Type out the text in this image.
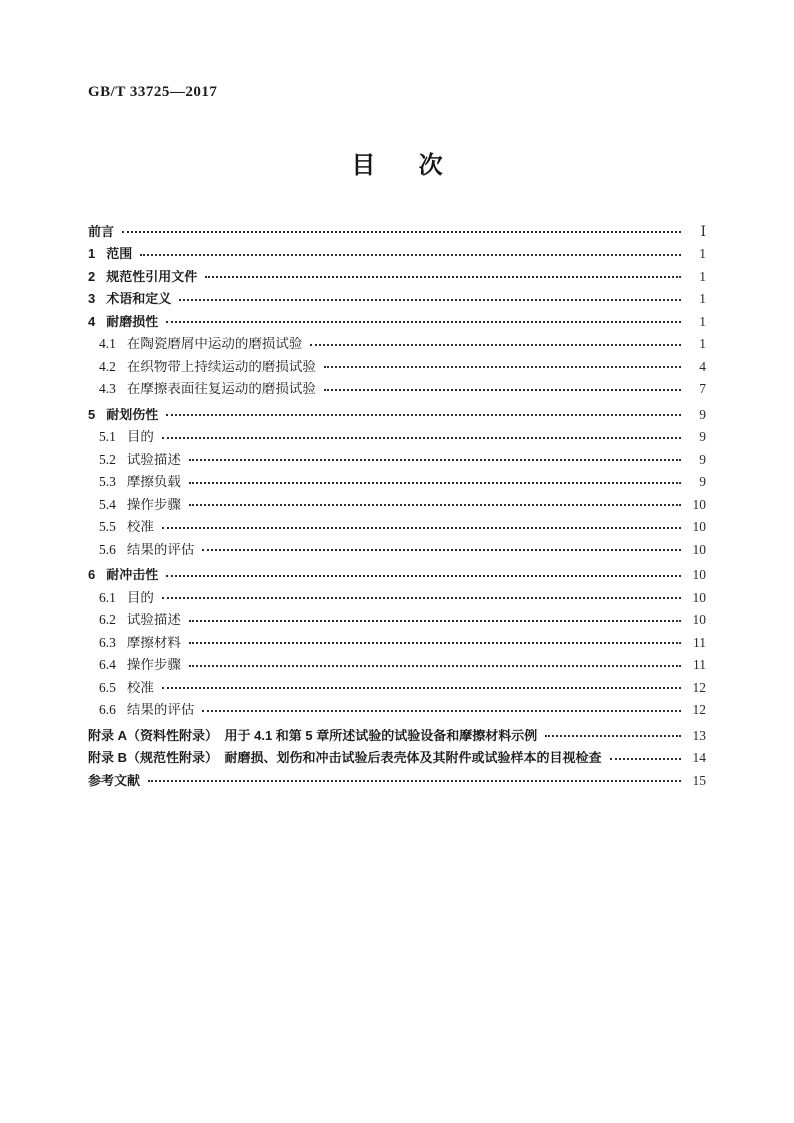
GB/T 33725—2017
目次
前言	Ⅰ
1 范围	1
2 规范性引用文件	1
3 术语和定义	1
4 耐磨损性	1
4.1 在陶瓷磨屑中运动的磨损试验	1
4.2 在织物带上持续运动的磨损试验	4
4.3 在摩擦表面往复运动的磨损试验	7
5 耐划伤性	9
5.1 目的	9
5.2 试验描述	9
5.3 摩擦负载	9
5.4 操作步骤	10
5.5 校准	10
5.6 结果的评估	10
6 耐冲击性	10
6.1 目的	10
6.2 试验描述	10
6.3 摩擦材料	11
6.4 操作步骤	11
6.5 校准	12
6.6 结果的评估	12
附录 A（资料性附录）　用于 4.1 和第 5 章所述试验的试验设备和摩擦材料示例	13
附录 B（规范性附录）　耐磨损、划伤和冲击试验后表壳体及其附件或试验样本的目视检查	14
参考文献	15
